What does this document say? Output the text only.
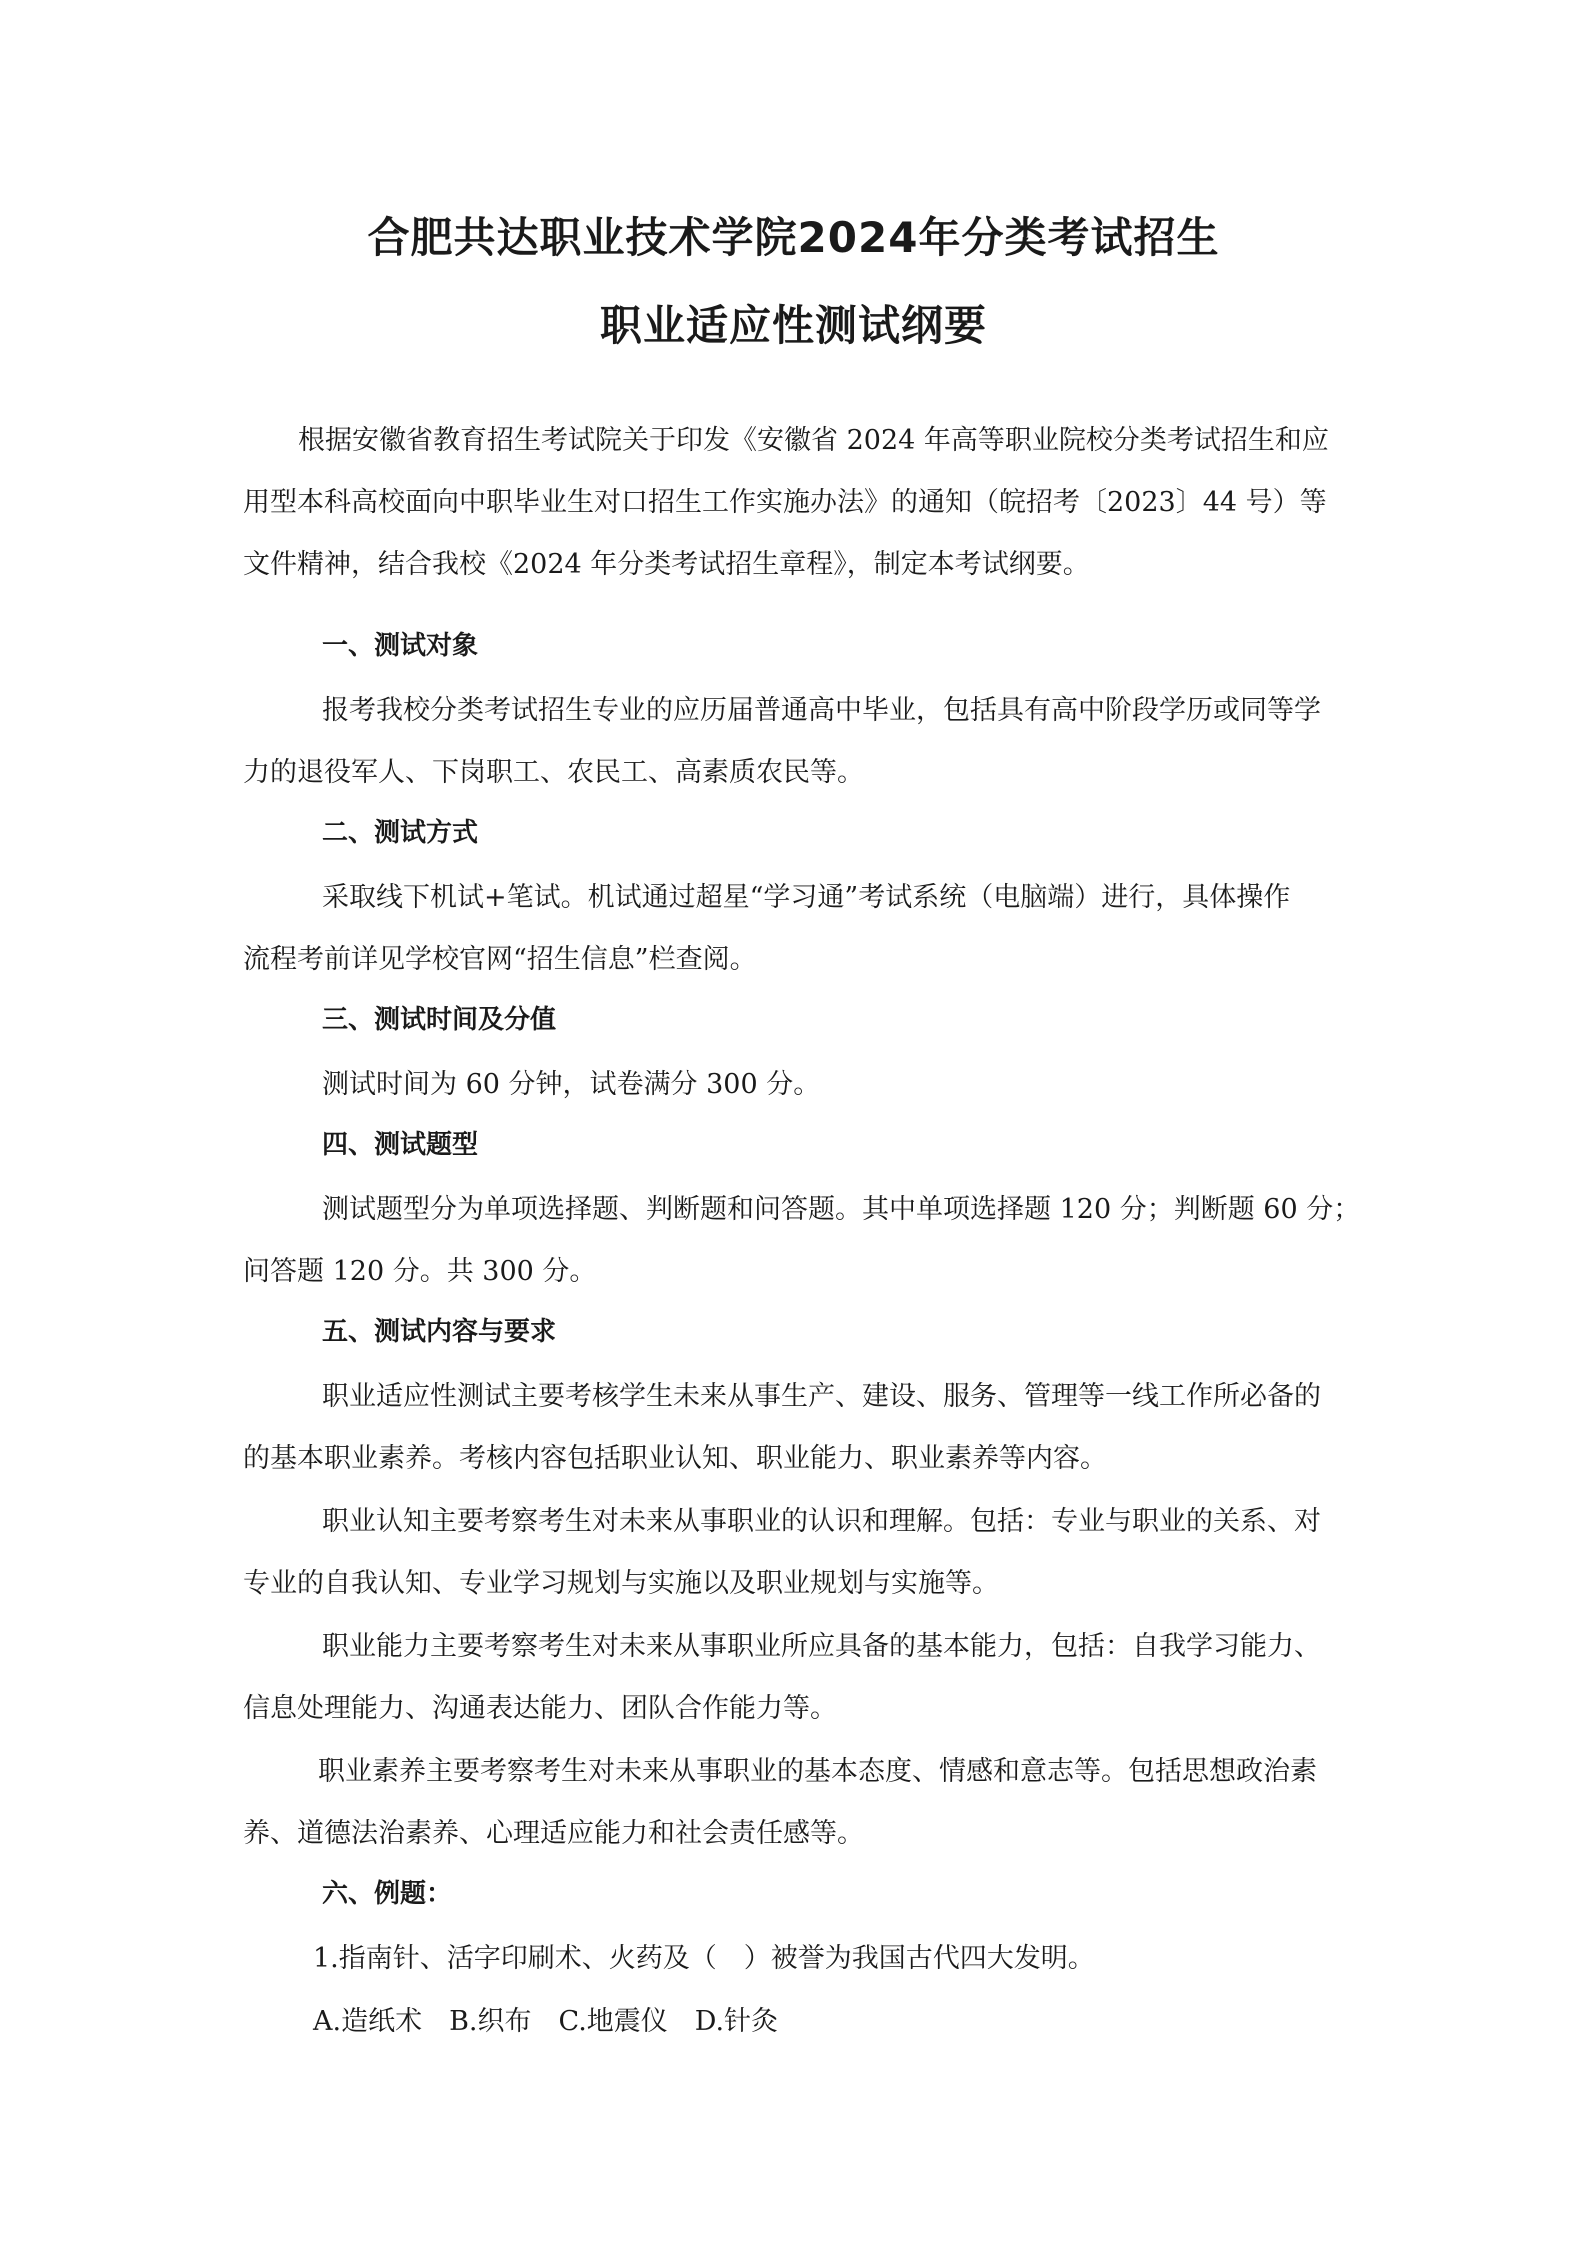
合肥共达职业技术学院2024年分类考试招生
职业适应性测试纲要

根据安徽省教育招生考试院关于印发《安徽省 2024 年高等职业院校分类考试招生和应

用型本科高校面向中职毕业生对口招生工作实施办法》的通知（皖招考〔2023〕44 号）等

文件精神，结合我校《2024 年分类考试招生章程》，制定本考试纲要。

一、测试对象

报考我校分类考试招生专业的应历届普通高中毕业，包括具有高中阶段学历或同等学

力的退役军人、下岗职工、农民工、高素质农民等。

二、测试方式

采取线下机试+笔试。机试通过超星“学习通”考试系统（电脑端）进行，具体操作

流程考前详见学校官网“招生信息”栏查阅。

三、测试时间及分值

测试时间为 60 分钟，试卷满分 300 分。

四、测试题型

测试题型分为单项选择题、判断题和问答题。其中单项选择题 120 分；判断题 60 分；

问答题 120 分。共 300 分。

五、测试内容与要求

职业适应性测试主要考核学生未来从事生产、建设、服务、管理等一线工作所必备的

的基本职业素养。考核内容包括职业认知、职业能力、职业素养等内容。

职业认知主要考察考生对未来从事职业的认识和理解。包括：专业与职业的关系、对

专业的自我认知、专业学习规划与实施以及职业规划与实施等。

职业能力主要考察考生对未来从事职业所应具备的基本能力，包括：自我学习能力、

信息处理能力、沟通表达能力、团队合作能力等。

职业素养主要考察考生对未来从事职业的基本态度、情感和意志等。包括思想政治素

养、道德法治素养、心理适应能力和社会责任感等。

六、例题：

1.指南针、活字印刷术、火药及（　）被誉为我国古代四大发明。

A.造纸术　B.织布　C.地震仪　D.针灸
